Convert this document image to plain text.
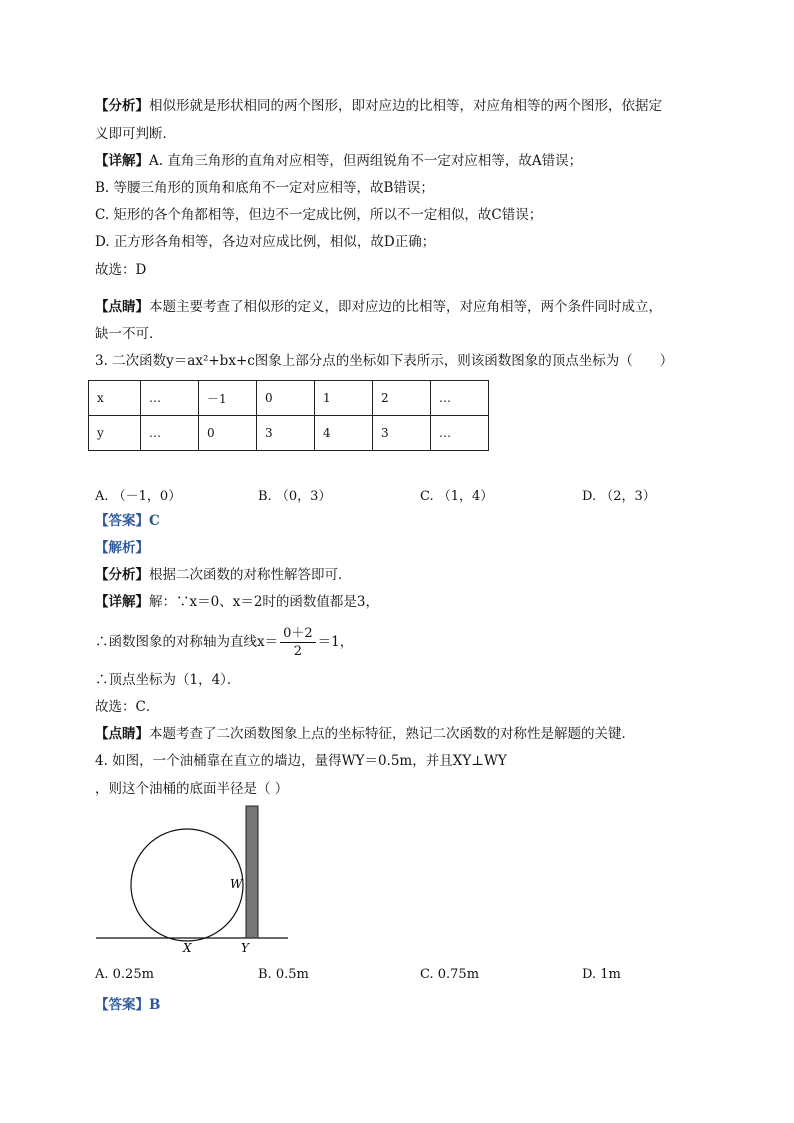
【分析】相似形就是形状相同的两个图形，即对应边的比相等，对应角相等的两个图形，依据定
义即可判断．
【详解】A. 直角三角形的直角对应相等，但两组锐角不一定对应相等，故A错误；
B. 等腰三角形的顶角和底角不一定对应相等，故B错误；
C. 矩形的各个角都相等，但边不一定成比例，所以不一定相似，故C错误；
D. 正方形各角相等，各边对应成比例，相似，故D正确；
故选：D
【点睛】本题主要考查了相似形的定义，即对应边的比相等，对应角相等，两个条件同时成立，
缺一不可．
3. 二次函数y＝ax²+bx+c图象上部分点的坐标如下表所示，则该函数图象的顶点坐标为（　　）
x	…	－1	0	1	2	…
y	…	0	3	4	3	…
A. （－1，0）	B. （0，3）	C. （1，4）	D. （2，3）
【答案】C
【解析】
【分析】根据二次函数的对称性解答即可．
【详解】解：∵x＝0、x＝2时的函数值都是3，
∴函数图象的对称轴为直线$x= \frac{0+2}{2} =1$，
∴顶点坐标为（1，4）．
故选：C．
【点睛】本题考查了二次函数图象上点的坐标特征，熟记二次函数的对称性是解题的关键．
4. 如图，一个油桶靠在直立的墙边，量得WY＝0.5m，并且XY⊥WY
，则这个油桶的底面半径是（ ）
W
X	Y
A. 0.25m	B. 0.5m	C. 0.75m	D. 1m
【答案】B
